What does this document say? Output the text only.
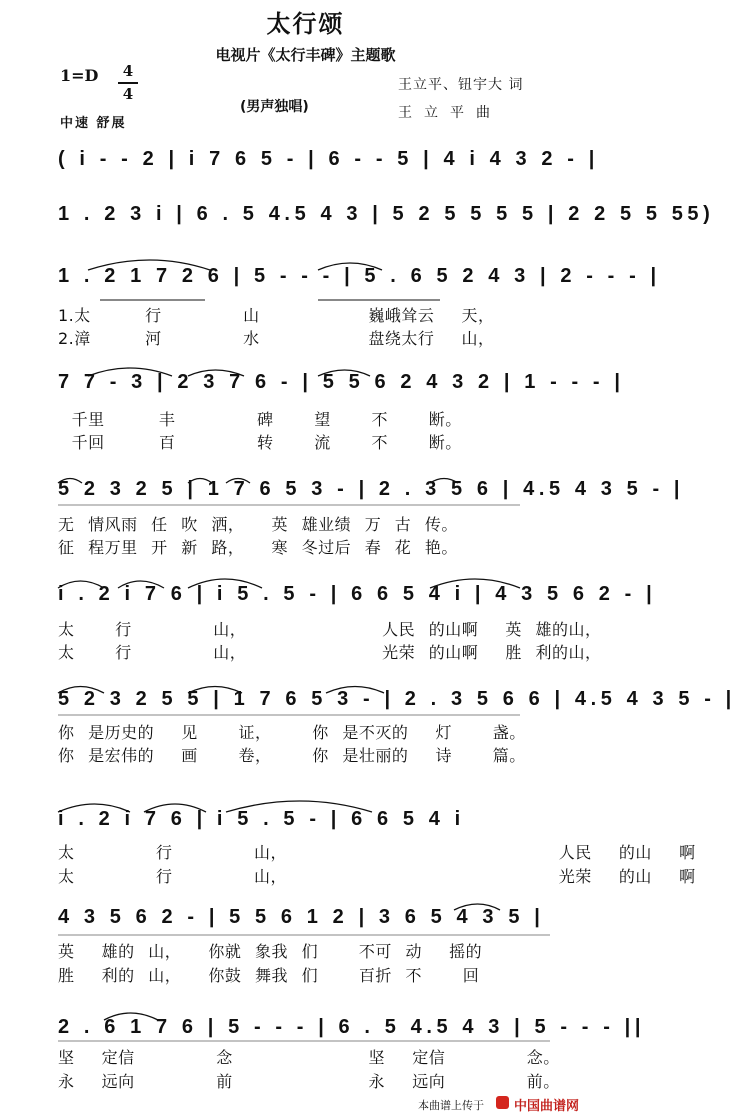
太行颂
电视片《太行丰碑》主题歌
1=D	4
4
(男声独唱)
中速 舒展
王立平、钮宇大 词
王立平曲
( i - - 2 | i 7 6 5 - | 6 - - 5 | 4 i 4 3 2 - |
1 . 2 3 i | 6 . 5 4.5 4 3 | 5 2 5 5 5 5 | 2 2 5 5 55)
1 . 2 1 7 2 6 | 5 - - - | 5 . 6 5 2 4 3 | 2 - - - |
1.太    行      山        巍峨耸云  天，
2.漳    河      水        盘绕太行  山，
7 7 - 3 | 2 3 7 6 - | 5 5 6 2 4 3 2 | 1 - - - |
千里    丰      碑   望   不   断。
千回    百      转   流   不   断。
5 2 3 2 5 | 1 7 6 5 3 - | 2 . 3 5 6 | 4.5 4 3 5 - |
无 情风雨 任 吹 洒，  英 雄业绩 万 古 传。
征 程万里 开 新 路，  寒 冬过后 春 花 艳。
i . 2 i 7 6 | i 5 . 5 - | 6 6 5 4 i | 4 3 5 6 2 - |
太   行      山，          人民 的山啊  英 雄的山，
太   行      山，          光荣 的山啊  胜 利的山，
5 2 3 2 5 5 | 1 7 6 5 3 - | 2 . 3 5 6 6 | 4.5 4 3 5 - |
你 是历史的  见   证，   你 是不灭的  灯   盏。
你 是宏伟的  画   卷，   你 是壮丽的  诗   篇。
i . 2 i 7 6 | i 5 . 5 - | 6 6 5 4 i
太      行      山，                    人民  的山  啊
太      行      山，                    光荣  的山  啊
4 3 5 6 2 - | 5 5 6 1 2 | 3 6 5 4 3 5 |
英  雄的 山，  你就 象我 们   不可 动  摇的
胜  利的 山，  你鼓 舞我 们   百折 不   回
2 . 6 1 7 6 | 5 - - - | 6 . 5 4.5 4 3 | 5 - - - ||
坚  定信      念          坚  定信      念。
永  远向      前          永  远向      前。
本曲谱上传于 中国曲谱网
